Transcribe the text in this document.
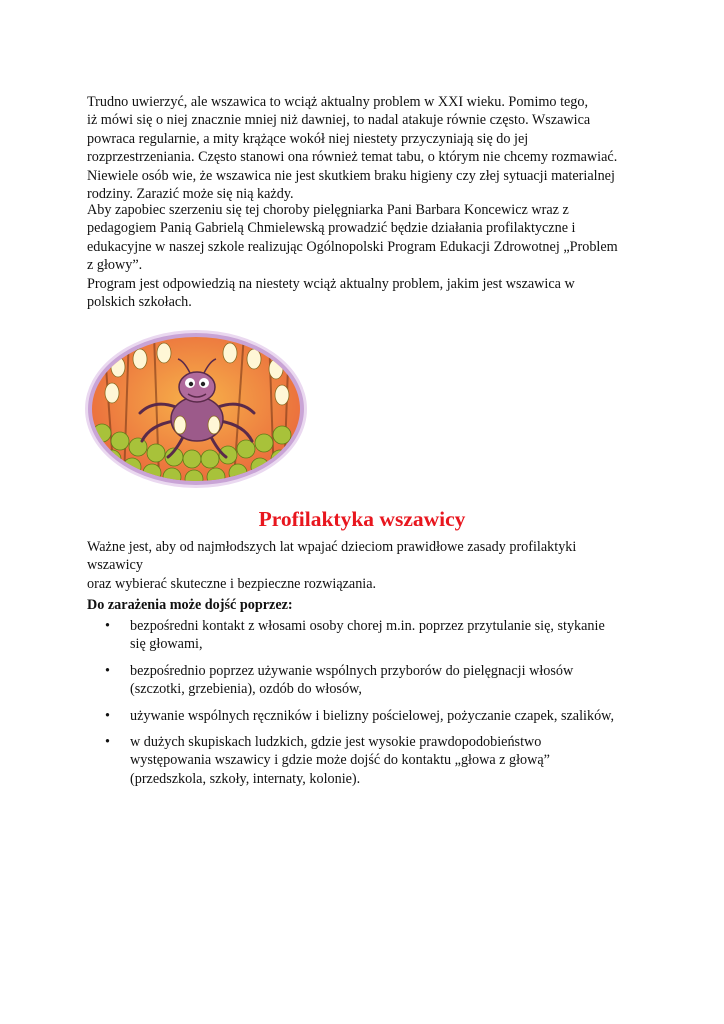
Trudno uwierzyć, ale wszawica to wciąż aktualny problem w XXI wieku. Pomimo tego,
iż mówi się o niej znacznie mniej niż dawniej, to nadal atakuje równie często. Wszawica
powraca regularnie, a mity krążące wokół niej niestety przyczyniają się do jej
rozprzestrzeniania. Często stanowi ona również temat tabu, o którym nie chcemy rozmawiać.
Niewiele osób wie, że wszawica nie jest skutkiem braku higieny czy złej sytuacji materialnej
rodziny. Zarazić może się nią każdy.
Aby zapobiec szerzeniu się tej choroby pielęgniarka Pani Barbara Koncewicz wraz z
pedagogiem Panią Gabrielą Chmielewską prowadzić będzie działania profilaktyczne i
edukacyjne w naszej szkole realizując Ogólnopolski Program Edukacji Zdrowotnej „Problem
z głowy”.
Program jest odpowiedzią na niestety wciąż aktualny problem, jakim jest wszawica w
polskich szkołach.
Profilaktyka wszawicy
Ważne jest, aby od najmłodszych lat wpajać dzieciom prawidłowe zasady profilaktyki
wszawicy
oraz wybierać skuteczne i bezpieczne rozwiązania.
Do zarażenia może dojść poprzez:
• bezpośredni kontakt z włosami osoby chorej m.in. poprzez przytulanie się, stykanie
się głowami,
• bezpośrednio poprzez używanie wspólnych przyborów do pielęgnacji włosów
(szczotki, grzebienia), ozdób do włosów,
• używanie wspólnych ręczników i bielizny pościelowej, pożyczanie czapek, szalików,
• w dużych skupiskach ludzkich, gdzie jest wysokie prawdopodobieństwo
występowania wszawicy i gdzie może dojść do kontaktu „głowa z głową”
(przedszkola, szkoły, internaty, kolonie).
